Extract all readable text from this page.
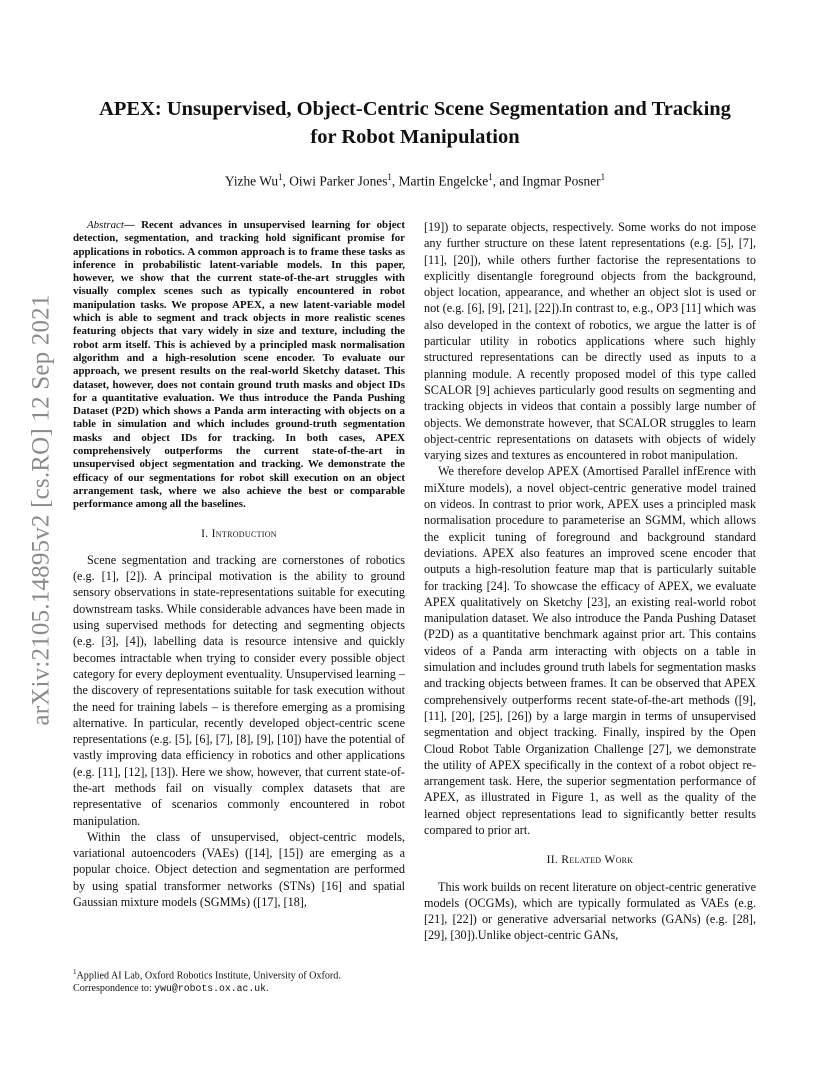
arXiv:2105.14895v2 [cs.RO] 12 Sep 2021
APEX: Unsupervised, Object-Centric Scene Segmentation and Tracking
for Robot Manipulation
Yizhe Wu$^1$, Oiwi Parker Jones$^1$, Martin Engelcke$^1$, and Ingmar Posner$^1$

Abstract— Recent advances in unsupervised learning for object detection, segmentation, and tracking hold significant promise for applications in robotics. A common approach is to frame these tasks as inference in probabilistic latent-variable models. In this paper, however, we show that the current state-of-the-art struggles with visually complex scenes such as typically encountered in robot manipulation tasks. We propose APEX, a new latent-variable model which is able to segment and track objects in more realistic scenes featuring objects that vary widely in size and texture, including the robot arm itself. This is achieved by a principled mask normalisation algorithm and a high-resolution scene encoder. To evaluate our approach, we present results on the real-world Sketchy dataset. This dataset, however, does not contain ground truth masks and object IDs for a quantitative evaluation. We thus introduce the Panda Pushing Dataset (P2D) which shows a Panda arm interacting with objects on a table in simulation and which includes ground-truth segmentation masks and object IDs for tracking. In both cases, APEX comprehensively outperforms the current state-of-the-art in unsupervised object segmentation and tracking. We demonstrate the efficacy of our segmentations for robot skill execution on an object arrangement task, where we also achieve the best or comparable performance among all the baselines.

I. Introduction

Scene segmentation and tracking are cornerstones of robotics (e.g. [1], [2]). A principal motivation is the ability to ground sensory observations in state-representations suitable for executing downstream tasks. While considerable advances have been made in using supervised methods for detecting and segmenting objects (e.g. [3], [4]), labelling data is resource intensive and quickly becomes intractable when trying to consider every possible object category for every deployment eventuality. Unsupervised learning – the discovery of representations suitable for task execution without the need for training labels – is therefore emerging as a promising alternative. In particular, recently developed object-centric scene representations (e.g. [5], [6], [7], [8], [9], [10]) have the potential of vastly improving data efficiency in robotics and other applications (e.g. [11], [12], [13]). Here we show, however, that current state-of-the-art methods fail on visually complex datasets that are representative of scenarios commonly encountered in robot manipulation.

Within the class of unsupervised, object-centric models, variational autoencoders (VAEs) ([14], [15]) are emerging as a popular choice. Object detection and segmentation are performed by using spatial transformer networks (STNs) [16] and spatial Gaussian mixture models (SGMMs) ([17], [18],

[19]) to separate objects, respectively. Some works do not impose any further structure on these latent representations (e.g. [5], [7], [11], [20]), while others further factorise the representations to explicitly disentangle foreground objects from the background, object location, appearance, and whether an object slot is used or not (e.g. [6], [9], [21], [22]).In contrast to, e.g., OP3 [11] which was also developed in the context of robotics, we argue the latter is of particular utility in robotics applications where such highly structured representations can be directly used as inputs to a planning module. A recently proposed model of this type called SCALOR [9] achieves particularly good results on segmenting and tracking objects in videos that contain a possibly large number of objects. We demonstrate however, that SCALOR struggles to learn object-centric representations on datasets with objects of widely varying sizes and textures as encountered in robot manipulation.

We therefore develop APEX (Amortised Parallel infErence with miXture models), a novel object-centric generative model trained on videos. In contrast to prior work, APEX uses a principled mask normalisation procedure to parameterise an SGMM, which allows the explicit tuning of foreground and background standard deviations. APEX also features an improved scene encoder that outputs a high-resolution feature map that is particularly suitable for tracking [24]. To showcase the efficacy of APEX, we evaluate APEX qualitatively on Sketchy [23], an existing real-world robot manipulation dataset. We also introduce the Panda Pushing Dataset (P2D) as a quantitative benchmark against prior art. This contains videos of a Panda arm interacting with objects on a table in simulation and includes ground truth labels for segmentation masks and tracking objects between frames. It can be observed that APEX comprehensively outperforms recent state-of-the-art methods ([9], [11], [20], [25], [26]) by a large margin in terms of unsupervised segmentation and object tracking. Finally, inspired by the Open Cloud Robot Table Organization Challenge [27], we demonstrate the utility of APEX specifically in the context of a robot object re-arrangement task. Here, the superior segmentation performance of APEX, as illustrated in Figure 1, as well as the quality of the learned object representations lead to significantly better results compared to prior art.

II. Related Work

This work builds on recent literature on object-centric generative models (OCGMs), which are typically formulated as VAEs (e.g. [21], [22]) or generative adversarial networks (GANs) (e.g. [28], [29], [30]).Unlike object-centric GANs,

$^1$Applied AI Lab, Oxford Robotics Institute, University of Oxford. Correspondence to: ywu@robots.ox.ac.uk.
